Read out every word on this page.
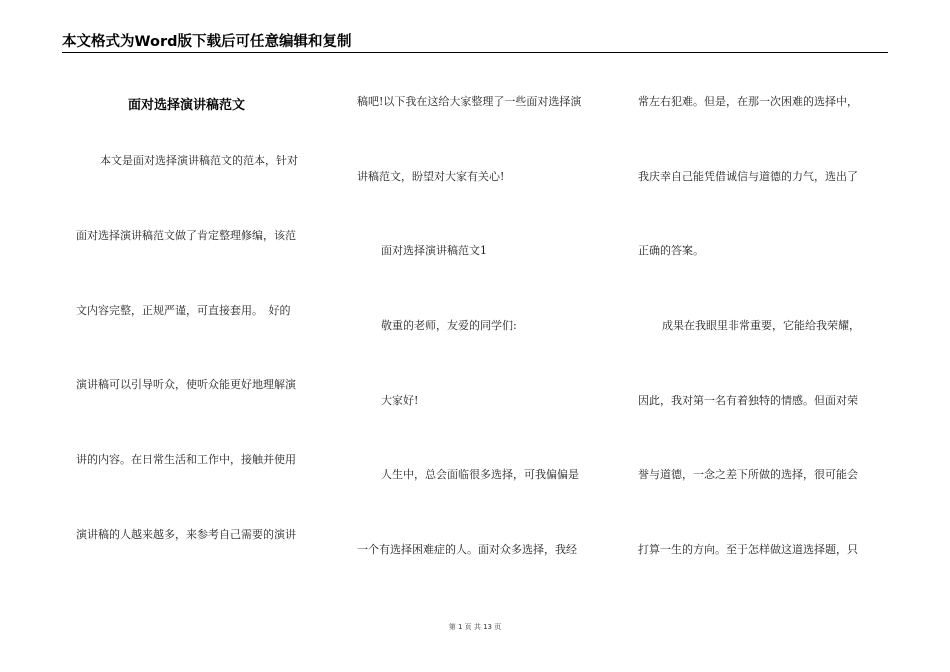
本文格式为Word版下载后可任意编辑和复制
面对选择演讲稿范文
本文是面对选择演讲稿范文的范本，针对
面对选择演讲稿范文做了肯定整理修编，该范
文内容完整，正规严谨，可直接套用。　好的
演讲稿可以引导听众，使听众能更好地理解演
讲的内容。在日常生活和工作中，接触并使用
演讲稿的人越来越多，来参考自己需要的演讲
稿吧!以下我在这给大家整理了一些面对选择演
讲稿范文，盼望对大家有关心!
面对选择演讲稿范文1
敬重的老师，友爱的同学们:
大家好!
人生中，总会面临很多选择，可我偏偏是
一个有选择困难症的人。面对众多选择，我经
常左右犯难。但是，在那一次困难的选择中，
我庆幸自己能凭借诚信与道德的力气，选出了
正确的答案。
成果在我眼里非常重要，它能给我荣耀，
因此，我对第一名有着独特的情感。但面对荣
誉与道德，一念之差下所做的选择，很可能会
打算一生的方向。至于怎样做这道选择题，只
第 1 页 共 13 页
